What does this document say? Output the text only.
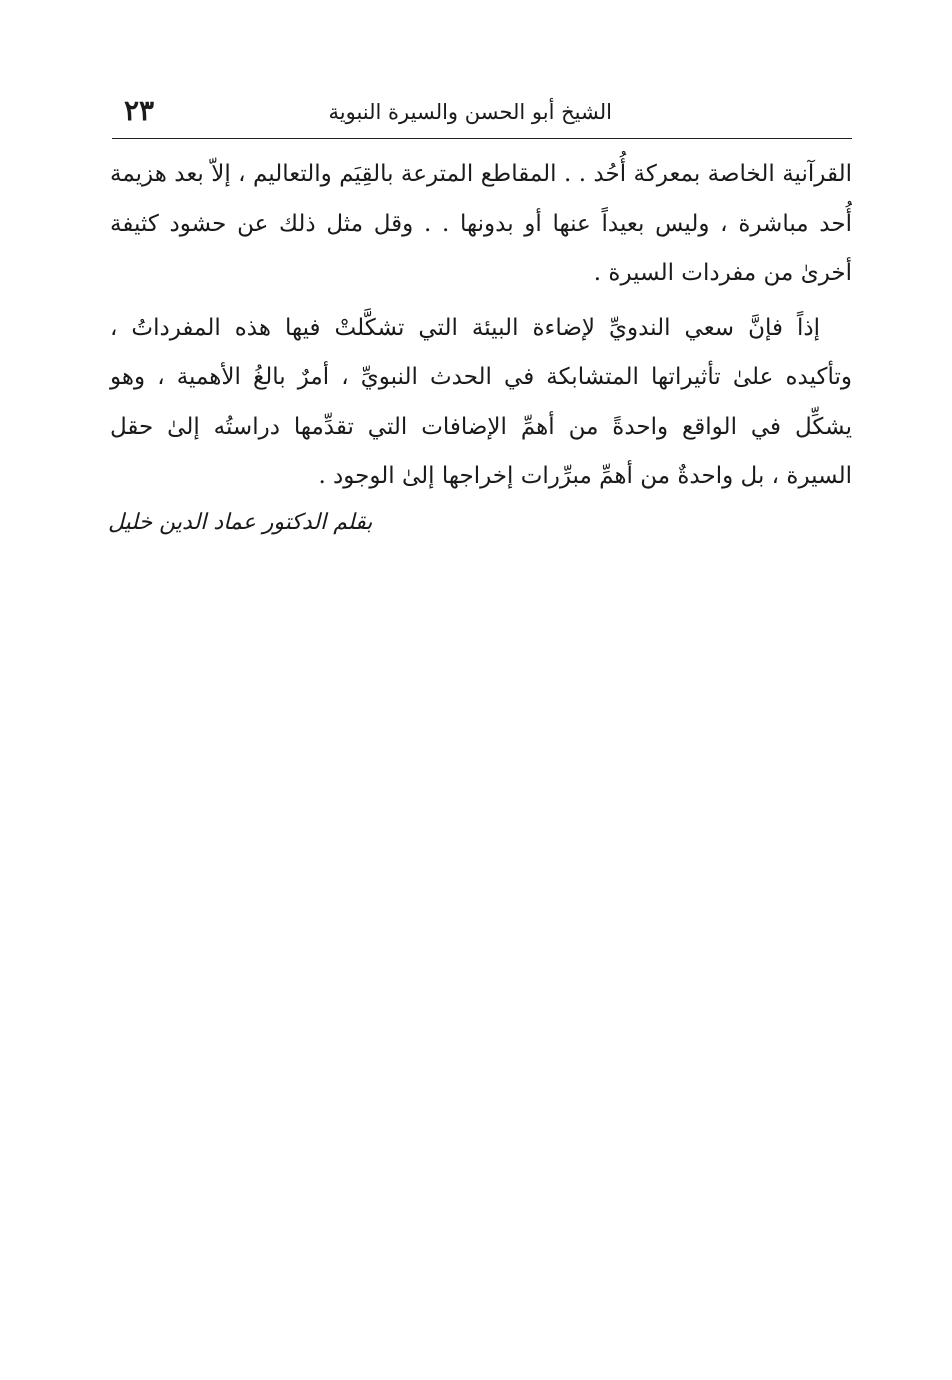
٢٣	الشيخ أبو الحسن والسيرة النبوية

القرآنية الخاصة بمعركة أُحُد . . المقاطع المترعة بالقِيَم والتعاليم ، إلاّ بعد هزيمة أُحد مباشرة ، وليس بعيداً عنها أو بدونها . . وقل مثل ذلك عن حشود كثيفة أخرىٰ من مفردات السيرة .

إذاً فإنَّ سعي الندويِّ لإضاءة البيئة التي تشكَّلتْ فيها هذه المفرداتُ ، وتأكيده علىٰ تأثيراتها المتشابكة في الحدث النبويِّ ، أمرٌ بالغُ الأهمية ، وهو يشكِّل في الواقع واحدةً من أهمِّ الإضافات التي تقدِّمها دراستُه إلىٰ حقل السيرة ، بل واحدةٌ من أهمِّ مبرِّرات إخراجها إلىٰ الوجود .

بقلم الدكتور عماد الدين خليل
